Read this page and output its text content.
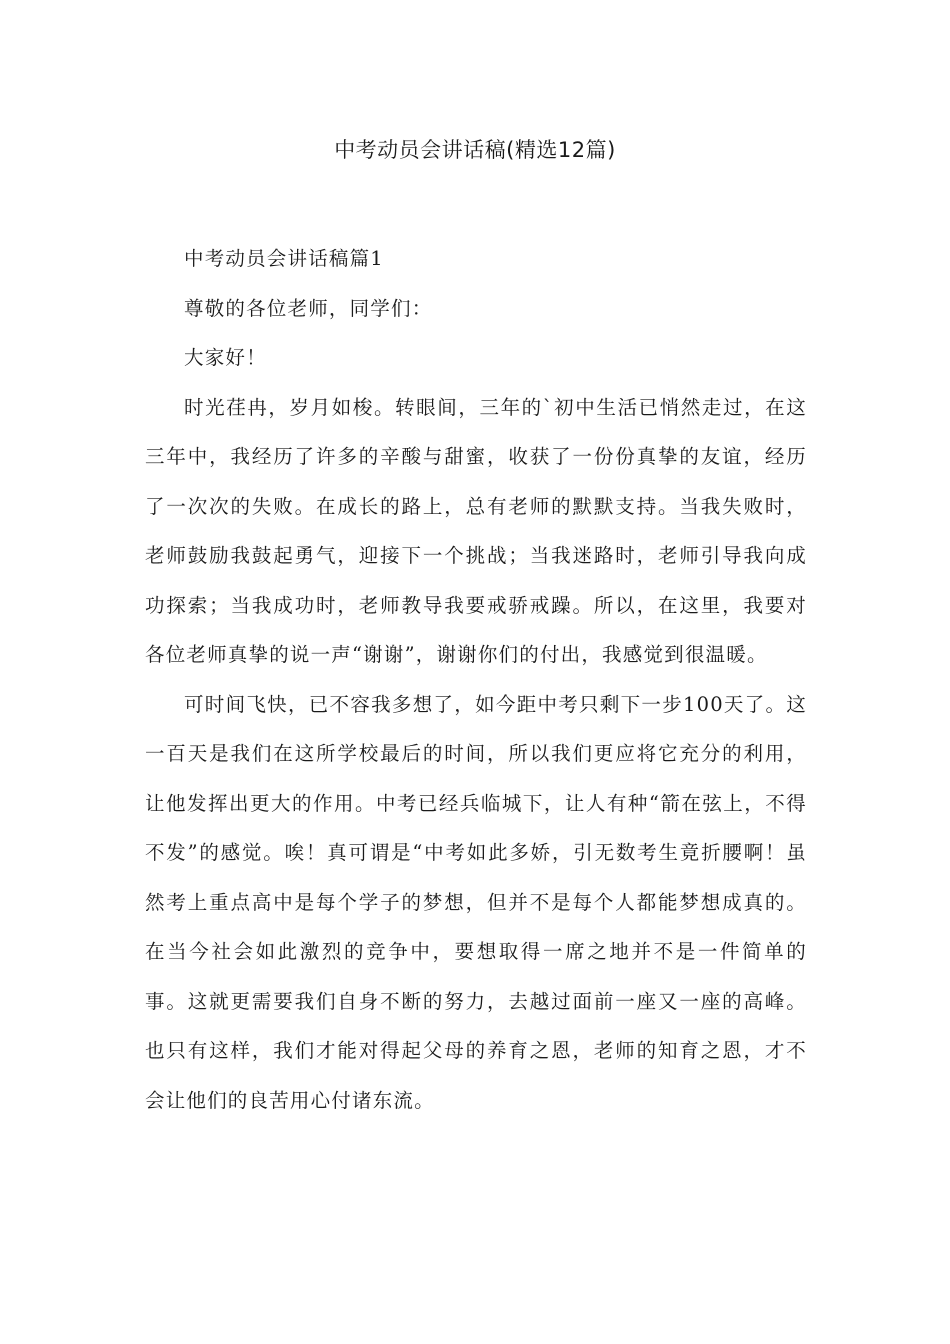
中考动员会讲话稿(精选12篇)

中考动员会讲话稿篇1

尊敬的各位老师，同学们：

大家好！

时光荏冉，岁月如梭。转眼间，三年的`初中生活已悄然走过，在这三年中，我经历了许多的辛酸与甜蜜，收获了一份份真挚的友谊，经历了一次次的失败。在成长的路上，总有老师的默默支持。当我失败时，老师鼓励我鼓起勇气，迎接下一个挑战；当我迷路时，老师引导我向成功探索；当我成功时，老师教导我要戒骄戒躁。所以，在这里，我要对各位老师真挚的说一声“谢谢”，谢谢你们的付出，我感觉到很温暖。

可时间飞快，已不容我多想了，如今距中考只剩下一步100天了。这一百天是我们在这所学校最后的时间，所以我们更应将它充分的利用，让他发挥出更大的作用。中考已经兵临城下，让人有种“箭在弦上，不得不发”的感觉。唉！真可谓是“中考如此多娇，引无数考生竟折腰啊！虽然考上重点高中是每个学子的梦想，但并不是每个人都能梦想成真的。在当今社会如此激烈的竞争中，要想取得一席之地并不是一件简单的事。这就更需要我们自身不断的努力，去越过面前一座又一座的高峰。也只有这样，我们才能对得起父母的养育之恩，老师的知育之恩，才不会让他们的良苦用心付诸东流。
